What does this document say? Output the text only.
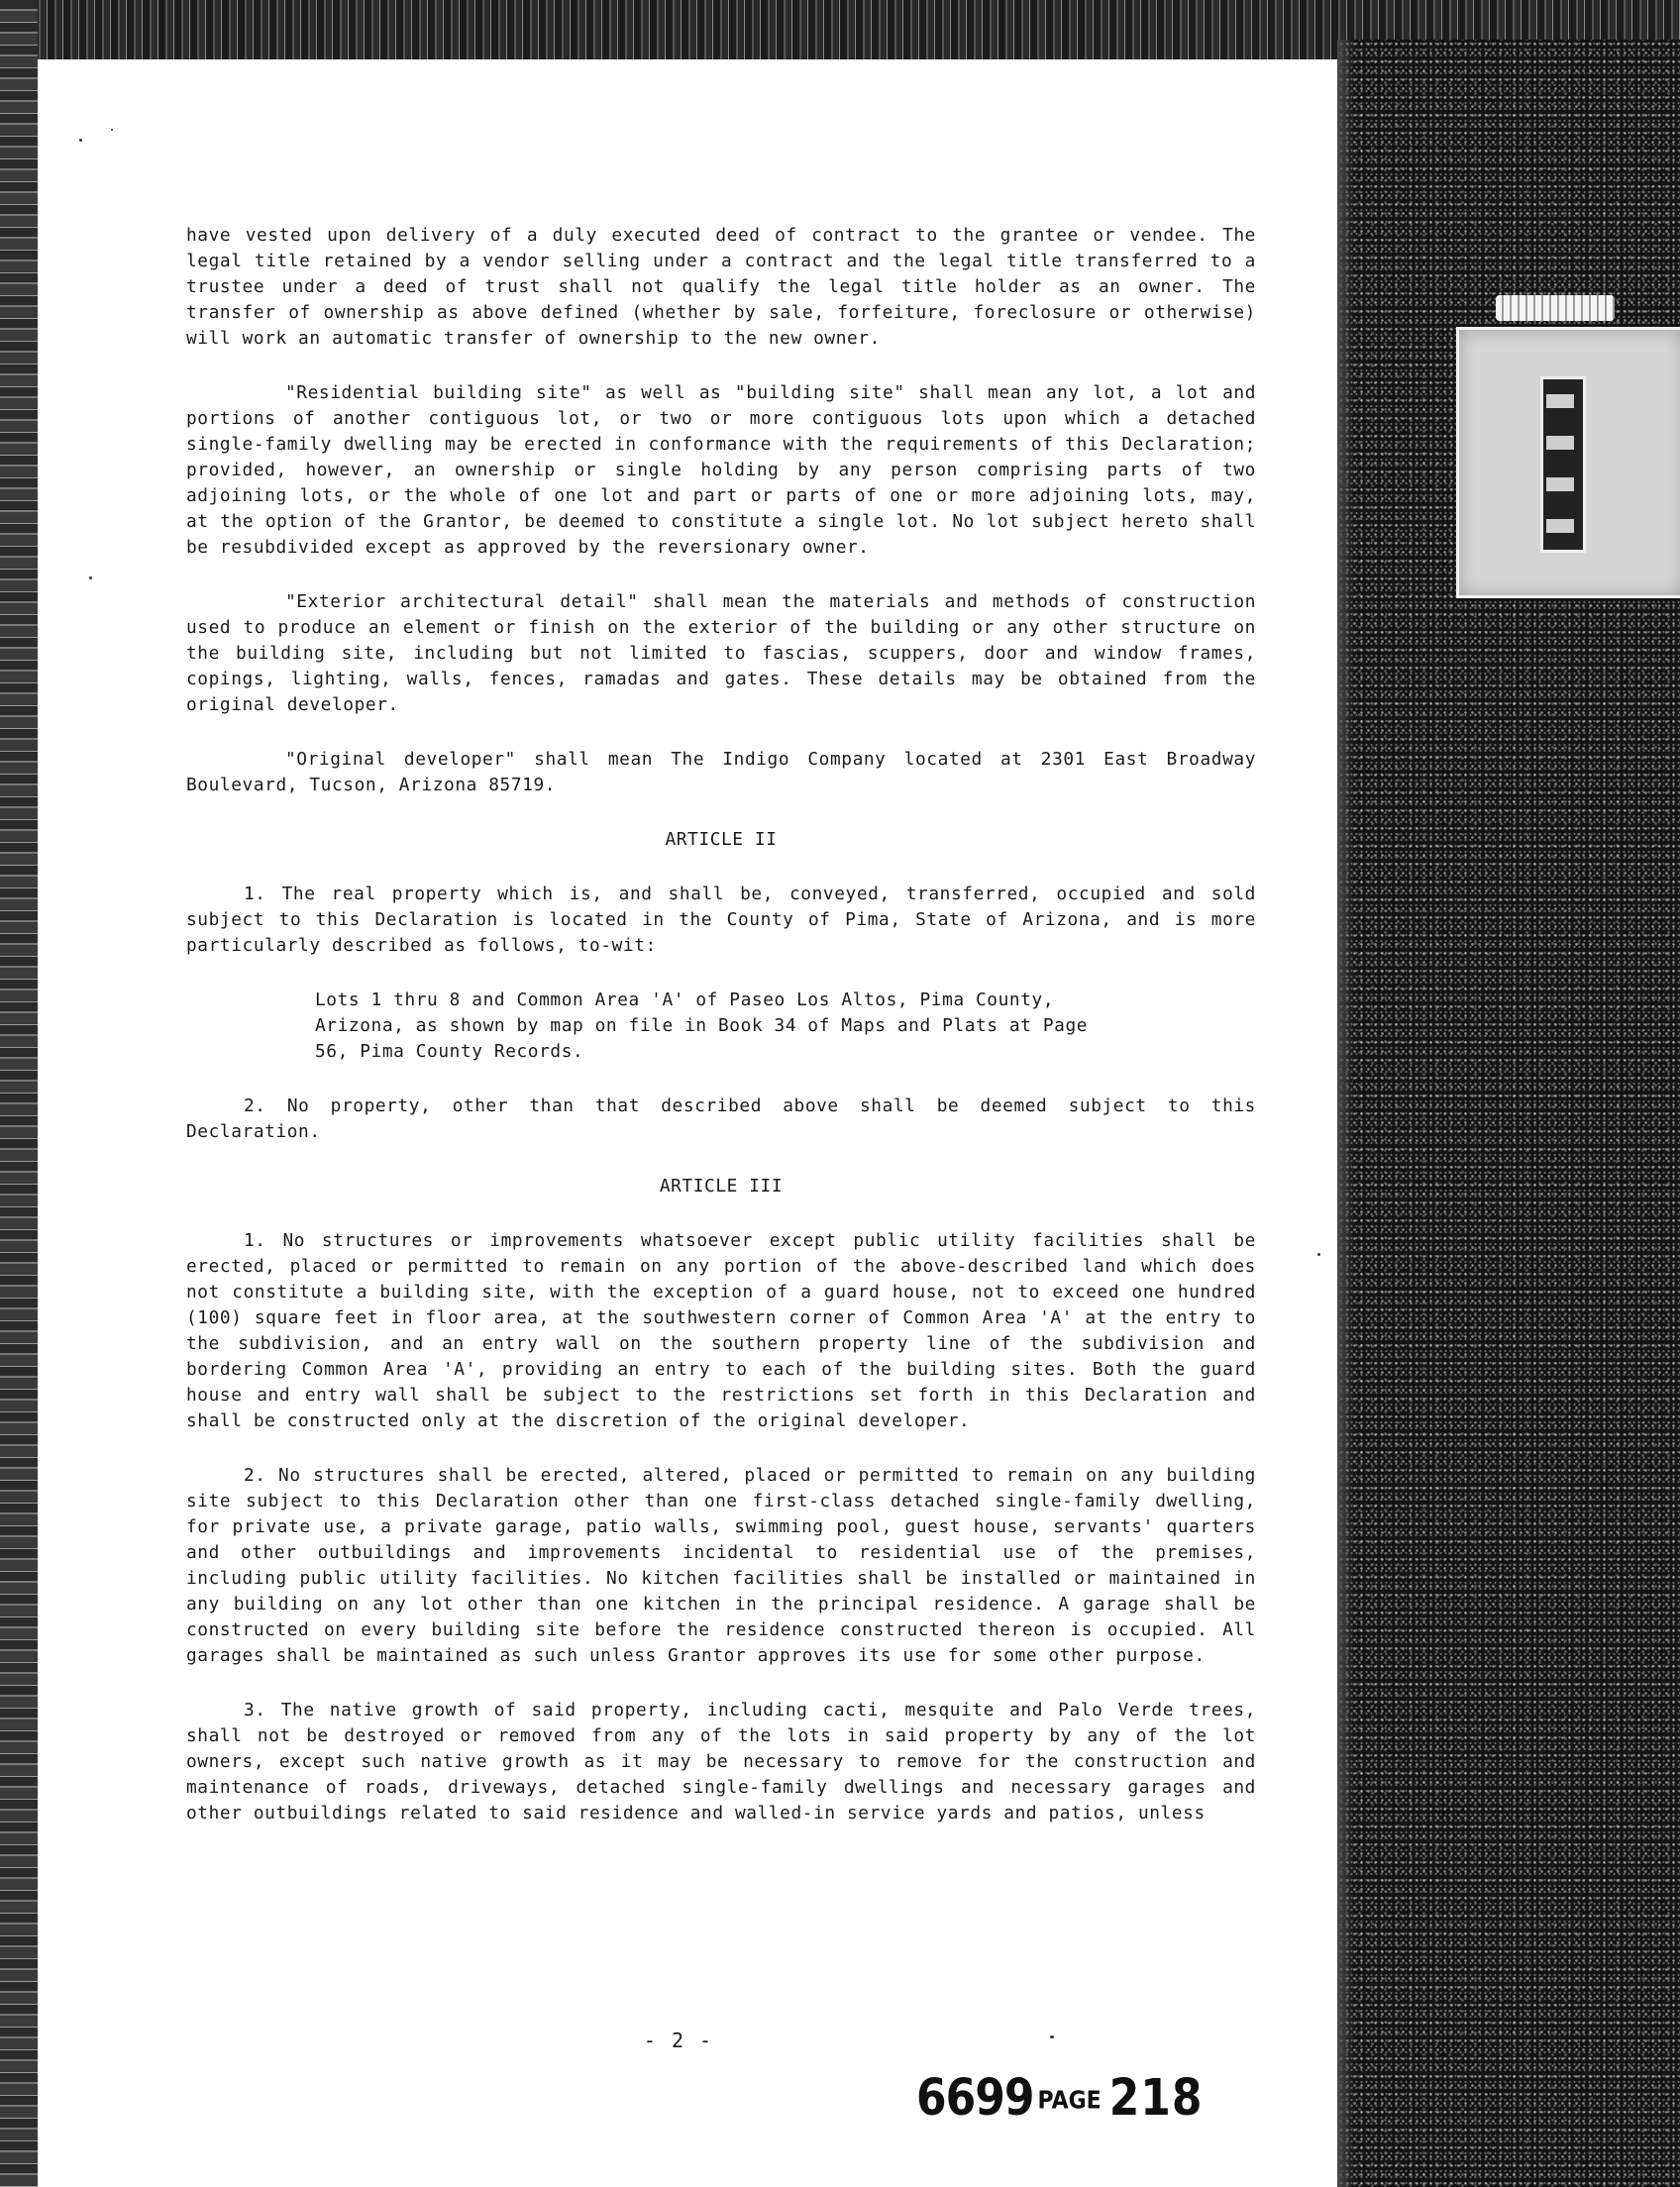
have vested upon delivery of a duly executed deed of contract to the grantee or vendee. The legal title retained by a vendor selling under a contract and the legal title transferred to a trustee under a deed of trust shall not qualify the legal title holder as an owner. The transfer of ownership as above defined (whether by sale, forfeiture, foreclosure or otherwise) will work an automatic transfer of ownership to the new owner.

"Residential building site" as well as "building site" shall mean any lot, a lot and portions of another contiguous lot, or two or more contiguous lots upon which a detached single-family dwelling may be erected in conformance with the requirements of this Declaration; provided, however, an ownership or single holding by any person comprising parts of two adjoining lots, or the whole of one lot and part or parts of one or more adjoining lots, may, at the option of the Grantor, be deemed to constitute a single lot. No lot subject hereto shall be resubdivided except as approved by the reversionary owner.

"Exterior architectural detail" shall mean the materials and methods of construction used to produce an element or finish on the exterior of the building or any other structure on the building site, including but not limited to fascias, scuppers, door and window frames, copings, lighting, walls, fences, ramadas and gates. These details may be obtained from the original developer.

"Original developer" shall mean The Indigo Company located at 2301 East Broadway Boulevard, Tucson, Arizona 85719.

ARTICLE II

1. The real property which is, and shall be, conveyed, transferred, occupied and sold subject to this Declaration is located in the County of Pima, State of Arizona, and is more particularly described as follows, to-wit:

Lots 1 thru 8 and Common Area 'A' of Paseo Los Altos, Pima County, Arizona, as shown by map on file in Book 34 of Maps and Plats at Page 56, Pima County Records.

2. No property, other than that described above shall be deemed subject to this Declaration.

ARTICLE III

1. No structures or improvements whatsoever except public utility facilities shall be erected, placed or permitted to remain on any portion of the above-described land which does not constitute a building site, with the exception of a guard house, not to exceed one hundred (100) square feet in floor area, at the southwestern corner of Common Area 'A' at the entry to the subdivision, and an entry wall on the southern property line of the subdivision and bordering Common Area 'A', providing an entry to each of the building sites. Both the guard house and entry wall shall be subject to the restrictions set forth in this Declaration and shall be constructed only at the discretion of the original developer.

2. No structures shall be erected, altered, placed or permitted to remain on any building site subject to this Declaration other than one first-class detached single-family dwelling, for private use, a private garage, patio walls, swimming pool, guest house, servants' quarters and other outbuildings and improvements incidental to residential use of the premises, including public utility facilities. No kitchen facilities shall be installed or maintained in any building on any lot other than one kitchen in the principal residence. A garage shall be constructed on every building site before the residence constructed thereon is occupied. All garages shall be maintained as such unless Grantor approves its use for some other purpose.

3. The native growth of said property, including cacti, mesquite and Palo Verde trees, shall not be destroyed or removed from any of the lots in said property by any of the lot owners, except such native growth as it may be necessary to remove for the construction and maintenance of roads, driveways, detached single-family dwellings and necessary garages and other outbuildings related to said residence and walled-in service yards and patios, unless

- 2 -
6699 PAGE 218
